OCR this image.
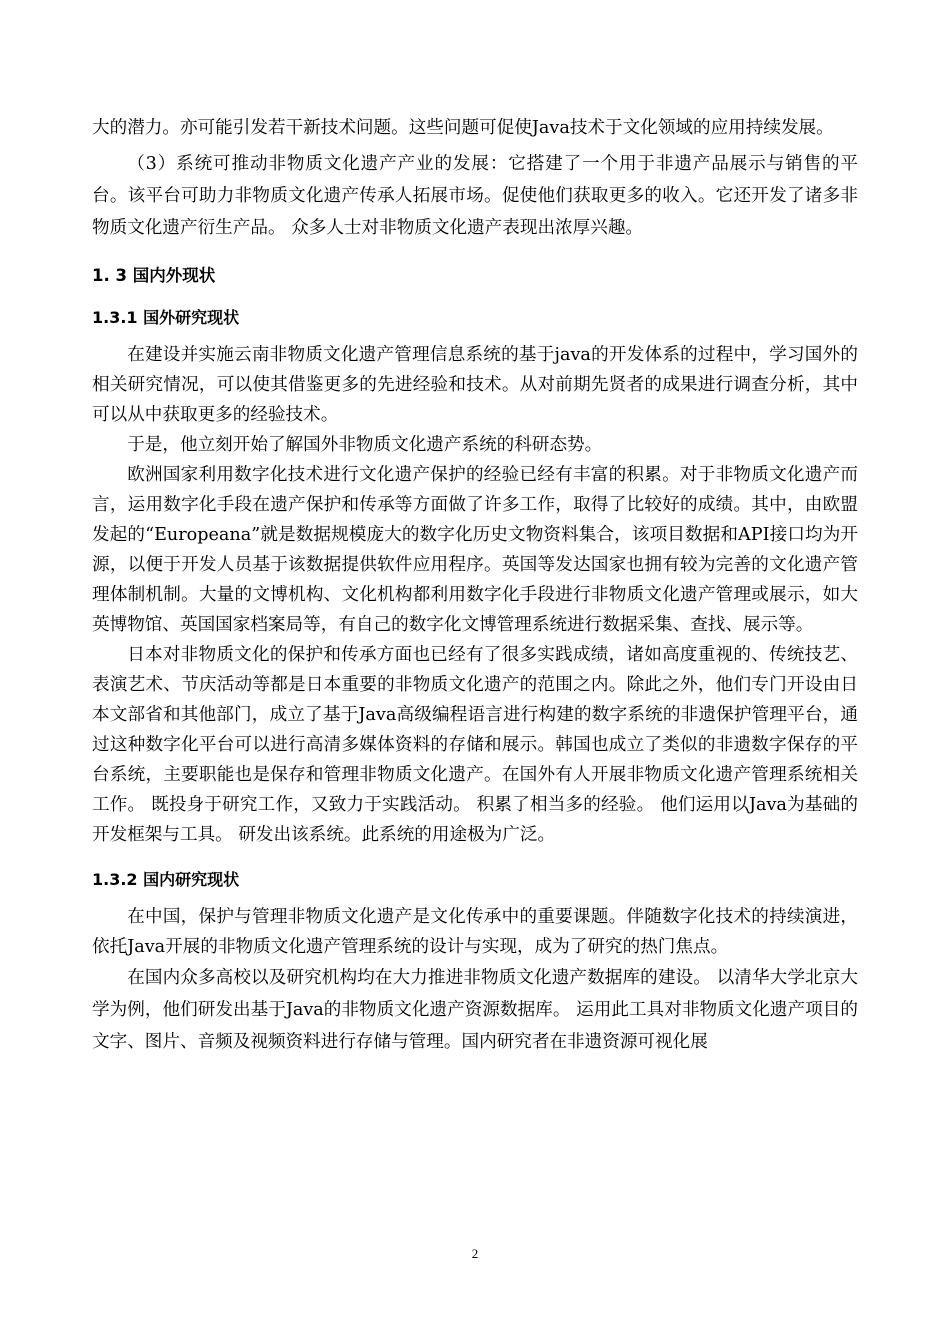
大的潜力。亦可能引发若干新技术问题。这些问题可促使Java技术于文化领域的应用持续发展。

（3）系统可推动非物质文化遗产产业的发展：它搭建了一个用于非遗产品展示与销售的平台。该平台可助力非物质文化遗产传承人拓展市场。促使他们获取更多的收入。它还开发了诸多非物质文化遗产衍生产品。 众多人士对非物质文化遗产表现出浓厚兴趣。

1. 3 国内外现状
1.3.1 国外研究现状

在建设并实施云南非物质文化遗产管理信息系统的基于java的开发体系的过程中，学习国外的相关研究情况，可以使其借鉴更多的先进经验和技术。从对前期先贤者的成果进行调查分析，其中可以从中获取更多的经验技术。

于是，他立刻开始了解国外非物质文化遗产系统的科研态势。

欧洲国家利用数字化技术进行文化遗产保护的经验已经有丰富的积累。对于非物质文化遗产而言，运用数字化手段在遗产保护和传承等方面做了许多工作，取得了比较好的成绩。其中，由欧盟发起的“Europeana”就是数据规模庞大的数字化历史文物资料集合，该项目数据和API接口均为开源，以便于开发人员基于该数据提供软件应用程序。英国等发达国家也拥有较为完善的文化遗产管理体制机制。大量的文博机构、文化机构都利用数字化手段进行非物质文化遗产管理或展示，如大英博物馆、英国国家档案局等，有自己的数字化文博管理系统进行数据采集、查找、展示等。

日本对非物质文化的保护和传承方面也已经有了很多实践成绩，诸如高度重视的、传统技艺、表演艺术、节庆活动等都是日本重要的非物质文化遗产的范围之内。除此之外，他们专门开设由日本文部省和其他部门，成立了基于Java高级编程语言进行构建的数字系统的非遗保护管理平台，通过这种数字化平台可以进行高清多媒体资料的存储和展示。韩国也成立了类似的非遗数字保存的平台系统，主要职能也是保存和管理非物质文化遗产。在国外有人开展非物质文化遗产管理系统相关工作。 既投身于研究工作，又致力于实践活动。 积累了相当多的经验。 他们运用以Java为基础的开发框架与工具。 研发出该系统。此系统的用途极为广泛。

1.3.2 国内研究现状

在中国，保护与管理非物质文化遗产是文化传承中的重要课题。伴随数字化技术的持续演进，依托Java开展的非物质文化遗产管理系统的设计与实现，成为了研究的热门焦点。

在国内众多高校以及研究机构均在大力推进非物质文化遗产数据库的建设。 以清华大学北京大学为例，他们研发出基于Java的非物质文化遗产资源数据库。 运用此工具对非物质文化遗产项目的文字、图片、音频及视频资料进行存储与管理。国内研究者在非遗资源可视化展

2
